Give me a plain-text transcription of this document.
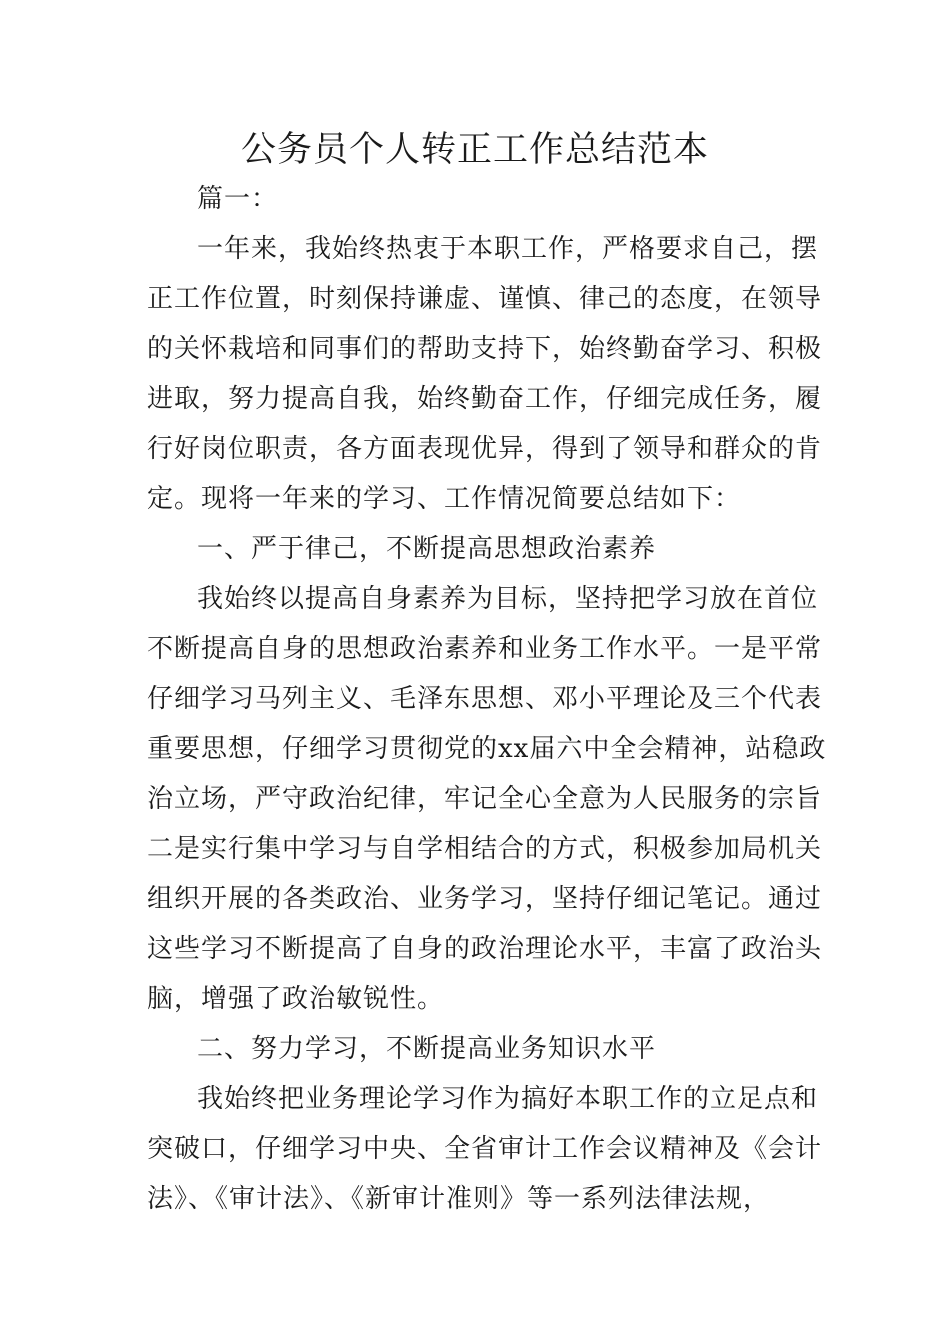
公务员个人转正工作总结范本
篇一：
一年来，我始终热衷于本职工作，严格要求自己，摆
正工作位置，时刻保持谦虚、谨慎、律己的态度，在领导
的关怀栽培和同事们的帮助支持下，始终勤奋学习、积极
进取，努力提高自我，始终勤奋工作，仔细完成任务，履
行好岗位职责，各方面表现优异，得到了领导和群众的肯
定。现将一年来的学习、工作情况简要总结如下：
一、严于律己，不断提高思想政治素养
我始终以提高自身素养为目标，坚持把学习放在首位
不断提高自身的思想政治素养和业务工作水平。一是平常
仔细学习马列主义、毛泽东思想、邓小平理论及三个代表
重要思想，仔细学习贯彻党的xx届六中全会精神，站稳政
治立场，严守政治纪律，牢记全心全意为人民服务的宗旨
二是实行集中学习与自学相结合的方式，积极参加局机关
组织开展的各类政治、业务学习，坚持仔细记笔记。通过
这些学习不断提高了自身的政治理论水平，丰富了政治头
脑，增强了政治敏锐性。
二、努力学习，不断提高业务知识水平
我始终把业务理论学习作为搞好本职工作的立足点和
突破口，仔细学习中央、全省审计工作会议精神及《会计
法》、《审计法》、《新审计准则》等一系列法律法规，
